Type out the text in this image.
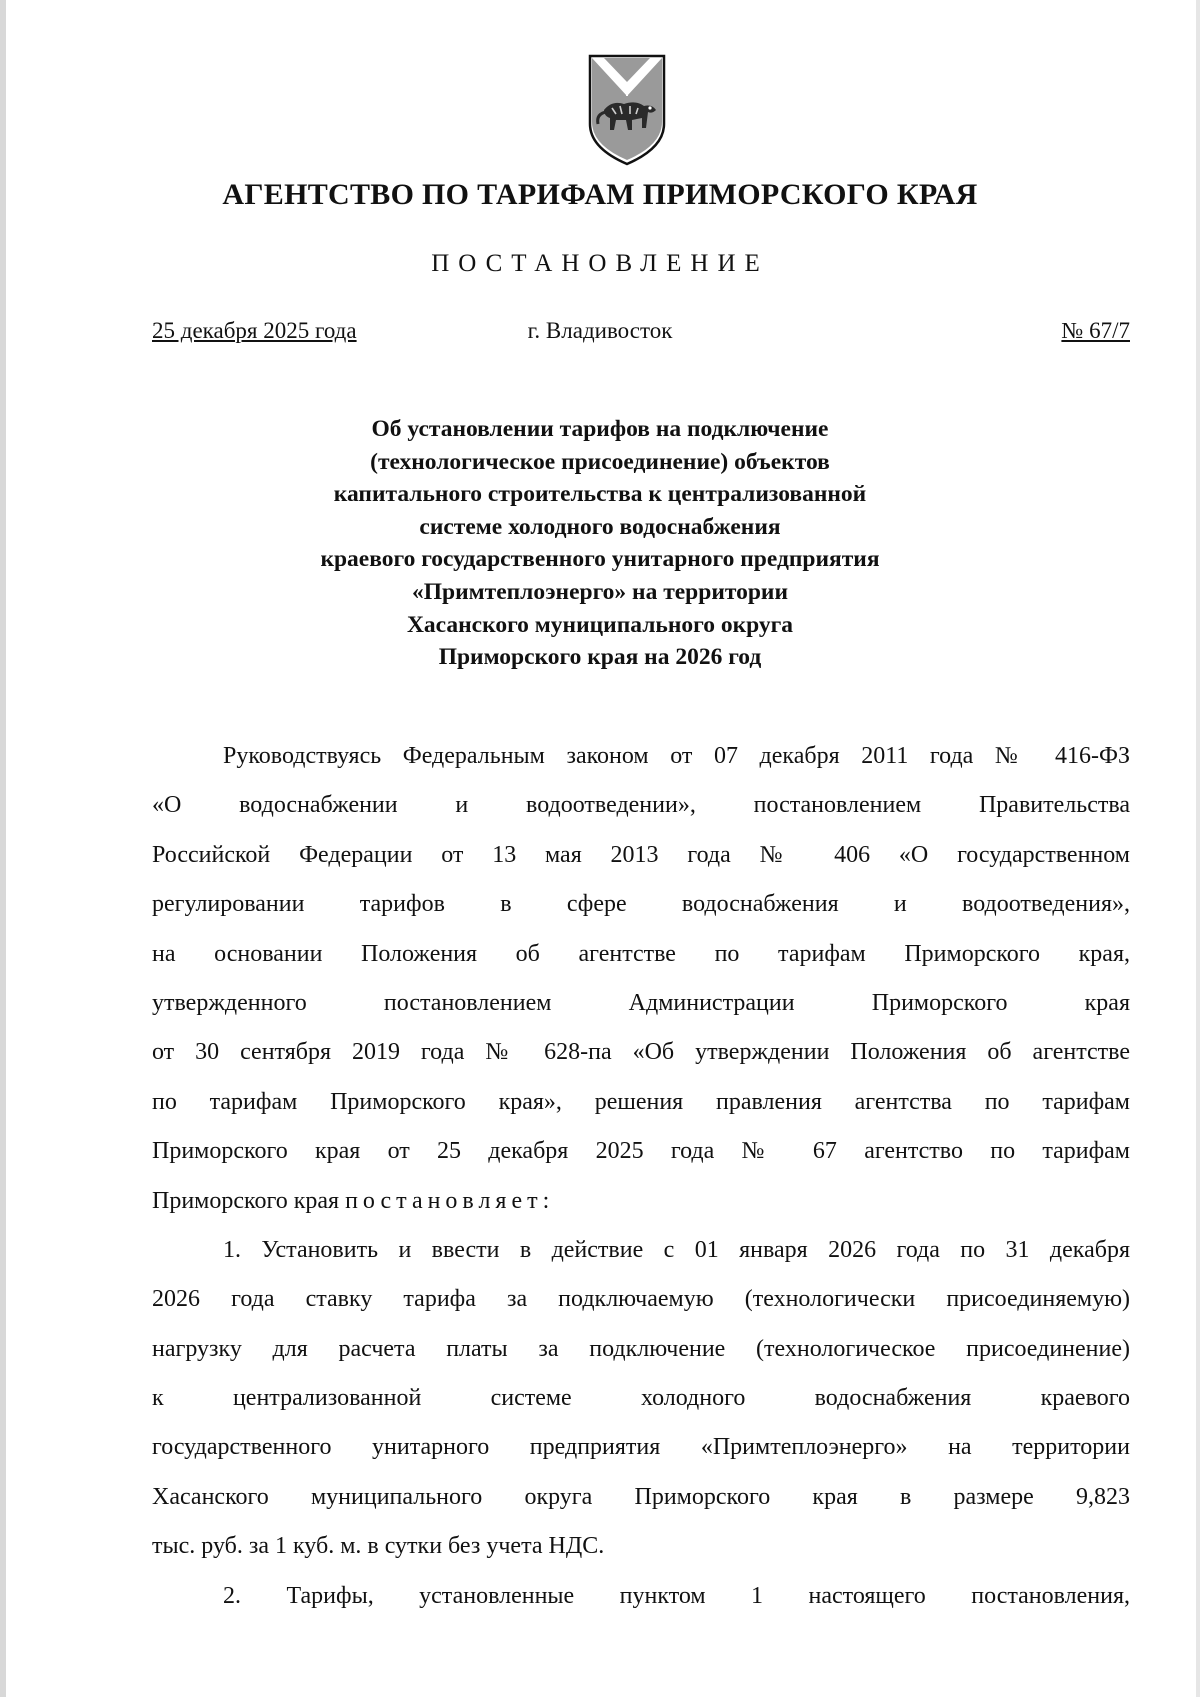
АГЕНТСТВО ПО ТАРИФАМ ПРИМОРСКОГО КРАЯ
ПОСТАНОВЛЕНИЕ
25 декабря 2025 года	г. Владивосток	№ 67/7
Об установлении тарифов на подключение
(технологическое присоединение) объектов
капитального строительства к централизованной
системе холодного водоснабжения
краевого государственного унитарного предприятия
«Примтеплоэнерго» на территории
Хасанского муниципального округа
Приморского края на 2026 год
Руководствуясь Федеральным законом от 07 декабря 2011 года № 416-ФЗ
«О водоснабжении и водоотведении», постановлением Правительства
Российской Федерации от 13 мая 2013 года № 406 «О государственном
регулировании тарифов в сфере водоснабжения и водоотведения»,
на основании Положения об агентстве по тарифам Приморского края,
утвержденного постановлением Администрации Приморского края
от 30 сентября 2019 года № 628-па «Об утверждении Положения об агентстве
по тарифам Приморского края», решения правления агентства по тарифам
Приморского края от 25 декабря 2025 года № 67 агентство по тарифам
Приморского края постановляет:
1. Установить и ввести в действие с 01 января 2026 года по 31 декабря
2026 года ставку тарифа за подключаемую (технологически присоединяемую)
нагрузку для расчета платы за подключение (технологическое присоединение)
к централизованной системе холодного водоснабжения краевого
государственного унитарного предприятия «Примтеплоэнерго» на территории
Хасанского муниципального округа Приморского края в размере 9,823
тыс. руб. за 1 куб. м. в сутки без учета НДС.
2. Тарифы, установленные пунктом 1 настоящего постановления,
